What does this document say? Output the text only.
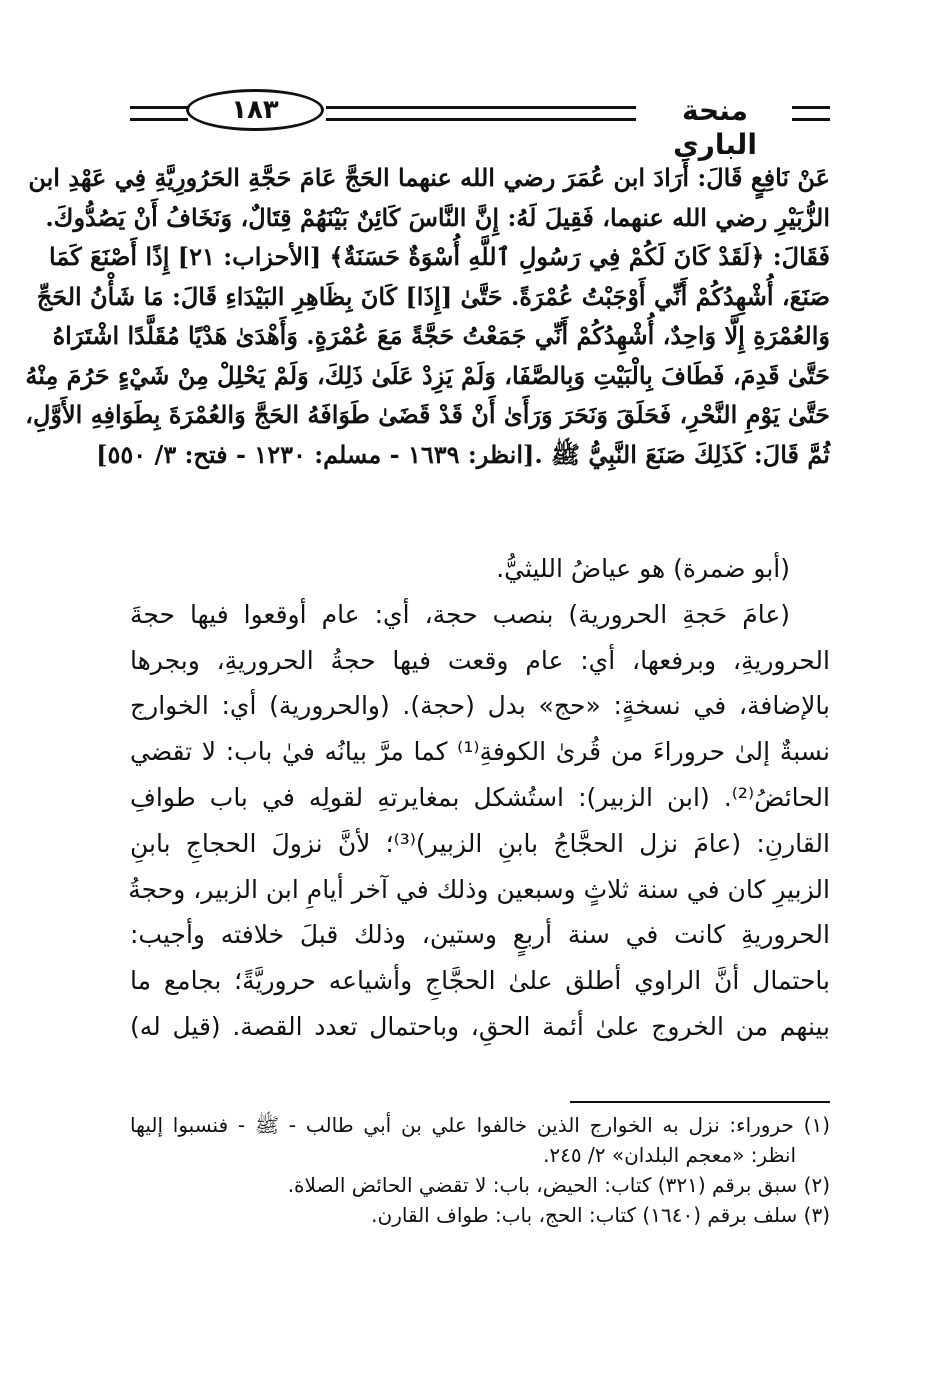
١٨٣	منحة الباري
عَنْ نَافِعٍ قَالَ: أَرَادَ ابن عُمَرَ رضي الله عنهما الحَجَّ عَامَ حَجَّةِ الحَرُورِيَّةِ فِي عَهْدِ ابن
الزُّبَيْرِ رضي الله عنهما، فَقِيلَ لَهُ: إِنَّ النَّاسَ كَائِنٌ بَيْنَهُمْ قِتَالٌ، وَنَخَافُ أَنْ يَصُدُّوكَ.
فَقَالَ: ﴿لَقَدْ كَانَ لَكُمْ فِي رَسُولِ ٱللَّهِ أُسْوَةٌ حَسَنَةٌ﴾ [الأحزاب: ٢١] إِذًا أَصْنَعَ كَمَا
صَنَعَ، أُشْهِدُكُمْ أَنِّي أَوْجَبْتُ عُمْرَةً. حَتَّىٰ [إِذَا] كَانَ بِظَاهِرِ البَيْدَاءِ قَالَ: مَا شَأْنُ الحَجِّ
وَالعُمْرَةِ إِلَّا وَاحِدٌ، أُشْهِدُكُمْ أَنِّي جَمَعْتُ حَجَّةً مَعَ عُمْرَةٍ. وَأَهْدَىٰ هَدْيًا مُقَلَّدًا اشْتَرَاهُ
حَتَّىٰ قَدِمَ، فَطَافَ بِالْبَيْتِ وَبِالصَّفَا، وَلَمْ يَزِدْ عَلَىٰ ذَلِكَ، وَلَمْ يَحْلِلْ مِنْ شَيْءٍ حَرُمَ مِنْهُ
حَتَّىٰ يَوْمِ النَّحْرِ، فَحَلَقَ وَنَحَرَ وَرَأَىٰ أَنْ قَدْ قَضَىٰ طَوَافَهُ الحَجَّ وَالعُمْرَةَ بِطَوَافِهِ الأَوَّلِ،
ثُمَّ قَالَ: كَذَلِكَ صَنَعَ النَّبِيُّ ﷺ .[انظر: ١٦٣٩ - مسلم: ١٢٣٠ - فتح: ٣/ ٥٥٠]
(أبو ضمرة) هو عياضُ الليثيُّ.
(عامَ حَجةِ الحرورية) بنصب حجة، أي: عام أوقعوا فيها حجةَ
الحروريةِ، وبرفعها، أي: عام وقعت فيها حجةُ الحروريةِ، وبجرها
بالإضافة، في نسخةٍ: «حج» بدل (حجة). (والحرورية) أي: الخوارج
نسبةٌ إلىٰ حروراءَ من قُرىٰ الكوفةِ⁽¹⁾ كما مرَّ بيانُه فيٰ باب: لا تقضي
الحائضُ⁽²⁾. (ابن الزبير): استُشكل بمغايرتهِ لقولِه في باب طوافِ
القارنِ: (عامَ نزل الحجَّاجُ بابنِ الزبير)⁽³⁾؛ لأنَّ نزولَ الحجاجِ بابنِ
الزبيرِ كان في سنة ثلاثٍ وسبعين وذلك في آخر أيامِ ابن الزبير، وحجةُ
الحروريةِ كانت في سنة أربعٍ وستين، وذلك قبلَ خلافته وأجيب:
باحتمال أنَّ الراوي أطلق علىٰ الحجَّاجِ وأشياعه حروريَّةً؛ بجامع ما
بينهم من الخروج علىٰ أئمة الحقِ، وباحتمال تعدد القصة. (قيل له)
(١) حروراء: نزل به الخوارج الذين خالفوا علي بن أبي طالب - ﷺ - فنسبوا إليها
انظر: «معجم البلدان» ٢/ ٢٤٥.
(٢) سبق برقم (٣٢١) كتاب: الحيض، باب: لا تقضي الحائض الصلاة.
(٣) سلف برقم (١٦٤٠) كتاب: الحج، باب: طواف القارن.
